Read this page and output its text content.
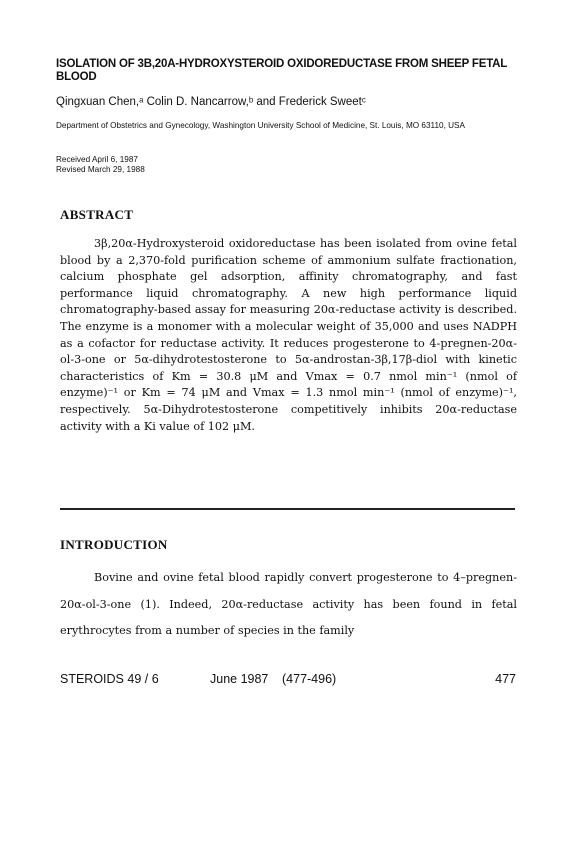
ISOLATION OF 3Β,20Α-HYDROXYSTEROID OXIDOREDUCTASE FROM SHEEP FETAL BLOOD
Qingxuan Chen,ᵃ Colin D. Nancarrow,ᵇ and Frederick Sweetᶜ
Department of Obstetrics and Gynecology, Washington University School of Medicine, St. Louis, MO 63110, USA
Received April 6, 1987
Revised March 29, 1988
ABSTRACT
3β,20α-Hydroxysteroid oxidoreductase has been isolated from ovine fetal blood by a 2,370-fold purification scheme of ammonium sulfate fractionation, calcium phosphate gel adsorption, affinity chromatography, and fast performance liquid chromatography. A new high performance liquid chromatography-based assay for measuring 20α-reductase activity is described. The enzyme is a monomer with a molecular weight of 35,000 and uses NADPH as a cofactor for reductase activity. It reduces progesterone to 4-pregnen-20α-ol-3-one or 5α-dihydrotestosterone to 5α-androstan-3β,17β-diol with kinetic characteristics of Km = 30.8 μM and Vmax = 0.7 nmol min⁻¹ (nmol of enzyme)⁻¹ or Km = 74 μM and Vmax = 1.3 nmol min⁻¹ (nmol of enzyme)⁻¹, respectively. 5α-Dihydrotestosterone competitively inhibits 20α-reductase activity with a Ki value of 102 μM.
INTRODUCTION
Bovine and ovine fetal blood rapidly convert progesterone to 4–pregnen-20α-ol-3-one (1). Indeed, 20α-reductase activity has been found in fetal erythrocytes from a number of species in the family
STEROIDS 49 / 6	June 1987 (477-496)	477
